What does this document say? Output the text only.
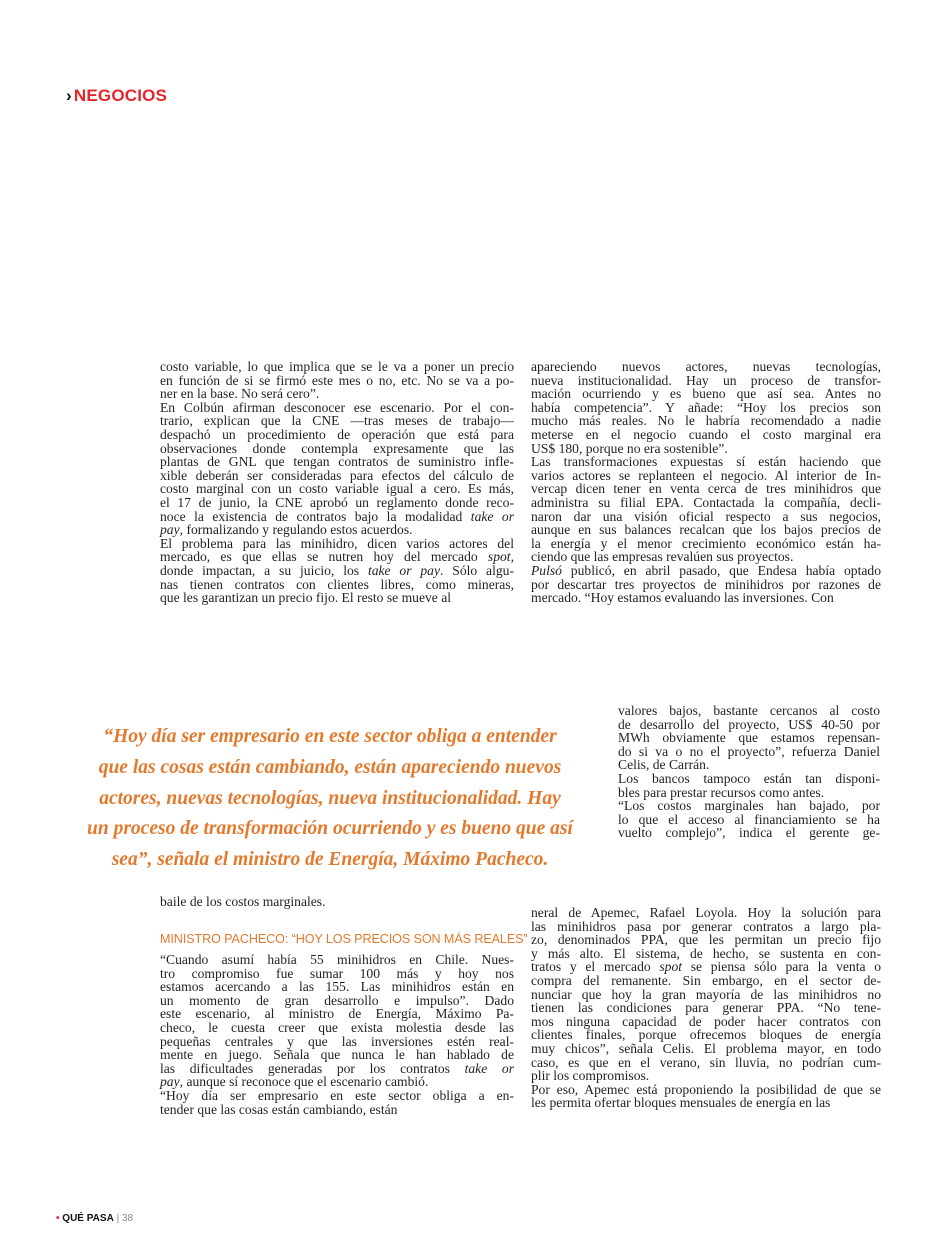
› NEGOCIOS
costo variable, lo que implica que se le va a poner un precio
en función de si se firmó este mes o no, etc. No se va a po-
ner en la base. No será cero”.
En Colbún afirman desconocer ese escenario. Por el con-
trario, explican que la CNE —tras meses de trabajo—
despachó un procedimiento de operación que está para
observaciones donde contempla expresamente que las
plantas de GNL que tengan contratos de suministro infle-
xible deberán ser consideradas para efectos del cálculo de
costo marginal con un costo variable igual a cero. Es más,
el 17 de junio, la CNE aprobó un reglamento donde reco-
noce la existencia de contratos bajo la modalidad take or
pay, formalizando y regulando estos acuerdos.
El problema para las minihidro, dicen varios actores del
mercado, es que ellas se nutren hoy del mercado spot,
donde impactan, a su juicio, los take or pay. Sólo algu-
nas tienen contratos con clientes libres, como mineras,
que les garantizan un precio fijo. El resto se mueve al
baile de los costos marginales.
MINISTRO PACHECO: “HOY LOS PRECIOS SON MÁS REALES”
“Cuando asumí había 55 minihidros en Chile. Nues-
tro compromiso fue sumar 100 más y hoy nos
estamos acercando a las 155. Las minihidros están en
un momento de gran desarrollo e impulso”. Dado
este escenario, al ministro de Energía, Máximo Pa-
checo, le cuesta creer que exista molestia desde las
pequeñas centrales y que las inversiones estén real-
mente en juego. Señala que nunca le han hablado de
las dificultades generadas por los contratos take or
pay, aunque sí reconoce que el escenario cambió.
“Hoy día ser empresario en este sector obliga a en-
tender que las cosas están cambiando, están
apareciendo nuevos actores, nuevas tecnologías,
nueva institucionalidad. Hay un proceso de transfor-
mación ocurriendo y es bueno que así sea. Antes no
había competencia”. Y añade: “Hoy los precios son
mucho más reales. No le habría recomendado a nadie
meterse en el negocio cuando el costo marginal era
US$ 180, porque no era sostenible”.
Las transformaciones expuestas sí están haciendo que
varios actores se replanteen el negocio. Al interior de In-
vercap dicen tener en venta cerca de tres minihidros que
administra su filial EPA. Contactada la compañía, decli-
naron dar una visión oficial respecto a sus negocios,
aunque en sus balances recalcan que los bajos precios de
la energía y el menor crecimiento económico están ha-
ciendo que las empresas revalúen sus proyectos.
Pulsó publicó, en abril pasado, que Endesa había optado
por descartar tres proyectos de minihidros por razones de
mercado. “Hoy estamos evaluando las inversiones. Con
valores bajos, bastante cercanos al costo
de desarrollo del proyecto, US$ 40-50 por
MWh obviamente que estamos repensan-
do si va o no el proyecto”, refuerza Daniel
Celis, de Carrán.
Los bancos tampoco están tan disponi-
bles para prestar recursos como antes.
“Los costos marginales han bajado, por
lo que el acceso al financiamiento se ha
vuelto complejo”, indica el gerente ge-
neral de Apemec, Rafael Loyola. Hoy la solución para
las minihidros pasa por generar contratos a largo pla-
zo, denominados PPA, que les permitan un precio fijo
y más alto. El sistema, de hecho, se sustenta en con-
tratos y el mercado spot se piensa sólo para la venta o
compra del remanente. Sin embargo, en el sector de-
nunciar que hoy la gran mayoría de las minihidros no
tienen las condiciones para generar PPA. “No tene-
mos ninguna capacidad de poder hacer contratos con
clientes finales, porque ofrecemos bloques de energía
muy chicos”, señala Celis. El problema mayor, en todo
caso, es que en el verano, sin lluvia, no podrían cum-
plir los compromisos.
Por eso, Apemec está proponiendo la posibilidad de que se
les permita ofertar bloques mensuales de energía en las
“Hoy día ser empresario en este sector obliga a entender
que las cosas están cambiando, están apareciendo nuevos
actores, nuevas tecnologías, nueva institucionalidad. Hay
un proceso de transformación ocurriendo y es bueno que así
sea”, señala el ministro de Energía, Máximo Pacheco.
• QUÉ PASA | 38
